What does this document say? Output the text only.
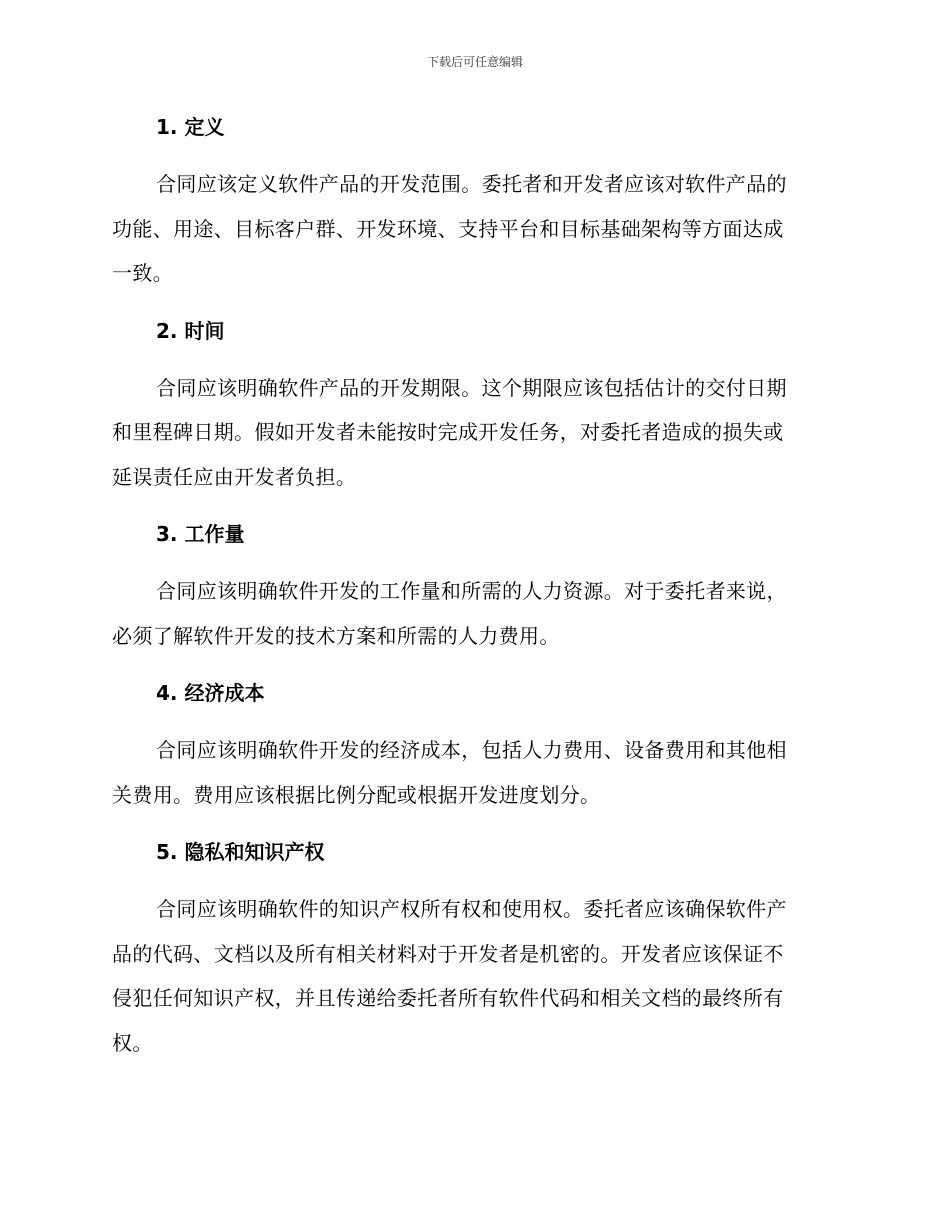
下载后可任意编辑
1. 定义
合同应该定义软件产品的开发范围。委托者和开发者应该对软件产品的
功能、用途、目标客户群、开发环境、支持平台和目标基础架构等方面达成
一致。
2. 时间
合同应该明确软件产品的开发期限。这个期限应该包括估计的交付日期
和里程碑日期。假如开发者未能按时完成开发任务，对委托者造成的损失或
延误责任应由开发者负担。
3. 工作量
合同应该明确软件开发的工作量和所需的人力资源。对于委托者来说，
必须了解软件开发的技术方案和所需的人力费用。
4. 经济成本
合同应该明确软件开发的经济成本，包括人力费用、设备费用和其他相
关费用。费用应该根据比例分配或根据开发进度划分。
5. 隐私和知识产权
合同应该明确软件的知识产权所有权和使用权。委托者应该确保软件产
品的代码、文档以及所有相关材料对于开发者是机密的。开发者应该保证不
侵犯任何知识产权，并且传递给委托者所有软件代码和相关文档的最终所有
权。
